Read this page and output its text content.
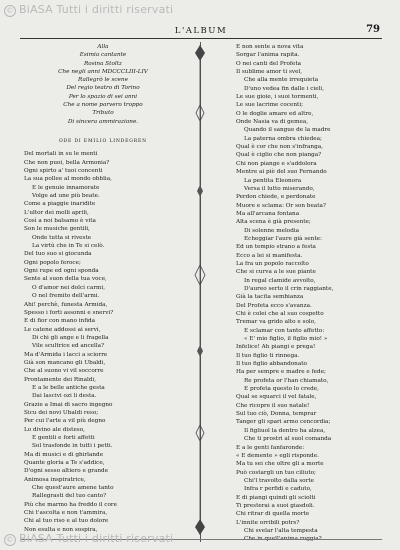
© BiASA Tutti i diritti riservati
L'ALBUM	79
Alla
Esimia cantante
Rosina Stoltz
Che negli anni MDCCCLIII-LIV
Rallegrò le scene
Del regio teatro di Torino
Per lo spazio di sei anni
Che a nome parvero troppo
Tributo
Di sincera ammirazione.
ODE DI EMILIO LINDEGREN
Del mortali in su le menti
Che non puoi, bella Armonia?
Ogni spirto a' tuoi concenti
La sua pollee al mondo obblia,
E le genuie innamorate
Volge ad une più beate.
Come a piaggie inaridite
L'ultor dei molli aprili,
Così a noi balsamo è vita
Son le musiche gentili,
Onde tutta si riveste
La virtù che in Te si celò.
Del tuo suo si giocunda
Ogni popolo feroce;
Ogni rupe ed ogni sponda
Sente al suon della tua voce,
O d'amor nei dolci carmi,
O nel fremito dell'armi.
Ahi! perchè, funesta Armida,
Spesso i forti assonni e snervi?
E di fior con mano infida
Le catene addossi ai servi,
Di chi gli ange e li fragella
Vile scultrice ed ancella?
Ma d'Armida i lacci a sciorre
Già son mancano gli Ubaldi,
Che al suono vi vil soccorre
Prontamente dei Rinaldi,
E a le belle antiche gesta
Dai lascivi ozi li desta.
Grazie a Imai di sacro ingegno
Sicu dei novi Ubaldi reso;
Per cui l'arte a vil più degno
Lo divino ale disteso,
E gentili e forti affetti
Sol trasfonde in tutti i petti.
Ma di musici e di ghirlande
Quante gloria a Te s'addice,
D'ogni sesso altiero e grande
Animosa inspiratrice,
Che quest'aure amene tanto
Rallegrasti del tuo canto?
Più che marmo ha freddo il core
Chi t'ascolta e non t'ammira,
Chi al tuo riso e al tuo dolore
Non esulta e non sospira,
E non sente a nova vita
Sorgar l'anima rapita.
O nei canti del Profeta
Il sublime amor ti svel,
Che alla mente irrequieta
D'uno vedea fin dalle i cieli,
Le sue gioie, i suoi tormenti,
Le sue lacrime cocenti;
O le doglie amare ed altre,
Onde Nasia va di gemea,
Quando il sangue de la madre
La paterna ombra chiedea;
Qual è cor che non s'infranga,
Qual è ciglio che non pianga?
Chi non piange e s'addolora
Mentre ai piè del suo Fernando
La pentita Eleonora
Versa il lutto miserando,
Perdon chiede, e perdonate
Muore e sclama: Or son beata?
Ma all'arcana fontana
Alta scena è già presente;
Di solenne melodia
Echeggiar l'aure già sente:
Ed un tempio strano a festa
Ecco a lei si manifesta.
La fra un popolo raccolto
Che si curva a le sue piante
In regal clamide avvolto,
D'aureo serto il crin raggiante,
Già la tacita sembianza
Del Profeta ecco s'avanza.
Chi è colei che al suo cospetto
Tremar va grido alto e solo,
E sclamar con tanto affetto:
« E' mio figlio, il figlio mio! »
Infelice! Ah piangi e prega!
Il tuo figlio ti rinnega.
Il tuo figlio abbandonato
Ha per sempre e madre e fede;
Re profeta or l'han chiamato,
E profeta questo lo crede,
Qual se squarci il vel fatale,
Che ricopre il suo natale!
Sul tuo ciò, Donna, temprar
Tanger gli spari armo cencordia;
Il figliuol la dentro ha alzea,
Che ti prostri al suol comanda
E a le genti fanfaronde:
« E demente » egli risponde.
Ma tu sei che oltre gli a morte
Può costargli un tuo ciliuto;
Chi'l travolto dalla sorte
Infra r perfidi e caduto,
E di piangi quindi gli sciolti
Ti presterai a suoi giasdoli.
Chi ritrar di quella morte
L'innite orribili potrs?
Chi svelar l'alta tempesta
Che in quell'anima ruggia?
© BiASA Tutti i diritti riservati
